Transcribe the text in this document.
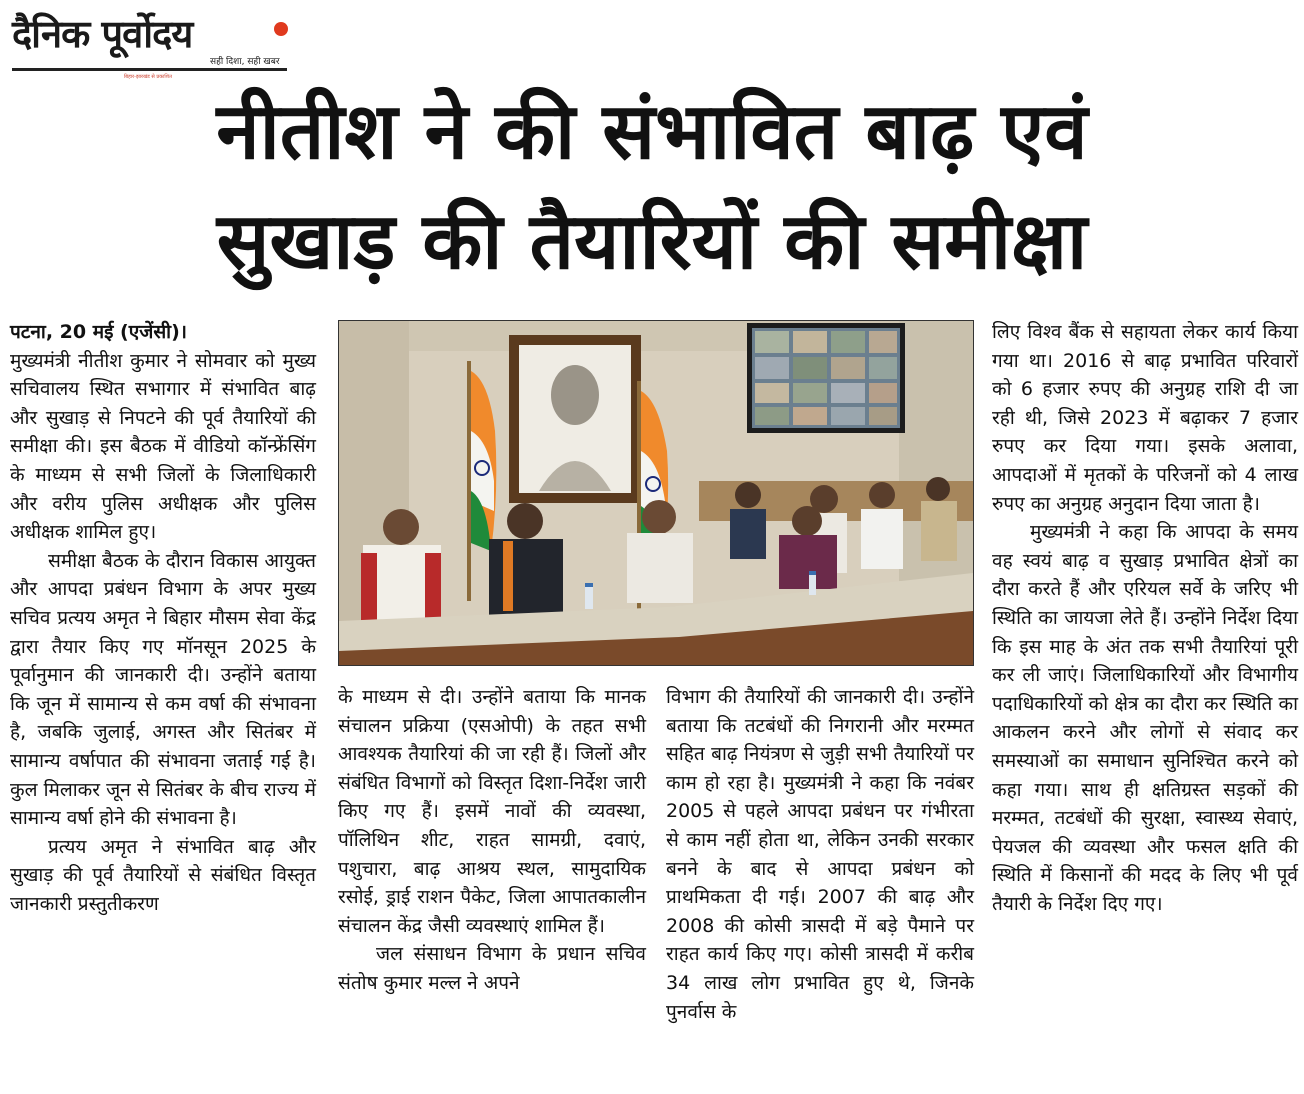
दैनिक पूर्वोदय
सही दिशा, सही खबर
बिहार-झारखंड से प्रकाशित
नीतीश ने की संभावित बाढ़ एवं
सुखाड़ की तैयारियों की समीक्षा

पटना, 20 मई (एजेंसी)।
मुख्यमंत्री नीतीश कुमार ने सोमवार को मुख्य सचिवालय स्थित सभागार में संभावित बाढ़ और सुखाड़ से निपटने की पूर्व तैयारियों की समीक्षा की। इस बैठक में वीडियो कॉन्फ्रेंसिंग के माध्यम से सभी जिलों के जिलाधिकारी और वरीय पुलिस अधीक्षक और पुलिस अधीक्षक शामिल हुए।

समीक्षा बैठक के दौरान विकास आयुक्त और आपदा प्रबंधन विभाग के अपर मुख्य सचिव प्रत्यय अमृत ने बिहार मौसम सेवा केंद्र द्वारा तैयार किए गए मॉनसून 2025 के पूर्वानुमान की जानकारी दी। उन्होंने बताया कि जून में सामान्य से कम वर्षा की संभावना है, जबकि जुलाई, अगस्त और सितंबर में सामान्य वर्षापात की संभावना जताई गई है। कुल मिलाकर जून से सितंबर के बीच राज्य में सामान्य वर्षा होने की संभावना है।

प्रत्यय अमृत ने संभावित बाढ़ और सुखाड़ की पूर्व तैयारियों से संबंधित विस्तृत जानकारी प्रस्तुतीकरण

के माध्यम से दी। उन्होंने बताया कि मानक संचालन प्रक्रिया (एसओपी) के तहत सभी आवश्यक तैयारियां की जा रही हैं। जिलों और संबंधित विभागों को विस्तृत दिशा-निर्देश जारी किए गए हैं। इसमें नावों की व्यवस्था, पॉलिथिन शीट, राहत सामग्री, दवाएं, पशुचारा, बाढ़ आश्रय स्थल, सामुदायिक रसोई, ड्राई राशन पैकेट, जिला आपातकालीन संचालन केंद्र जैसी व्यवस्थाएं शामिल हैं।

जल संसाधन विभाग के प्रधान सचिव संतोष कुमार मल्ल ने अपने

विभाग की तैयारियों की जानकारी दी। उन्होंने बताया कि तटबंधों की निगरानी और मरम्मत सहित बाढ़ नियंत्रण से जुड़ी सभी तैयारियों पर काम हो रहा है। मुख्यमंत्री ने कहा कि नवंबर 2005 से पहले आपदा प्रबंधन पर गंभीरता से काम नहीं होता था, लेकिन उनकी सरकार बनने के बाद से आपदा प्रबंधन को प्राथमिकता दी गई। 2007 की बाढ़ और 2008 की कोसी त्रासदी में बड़े पैमाने पर राहत कार्य किए गए। कोसी त्रासदी में करीब 34 लाख लोग प्रभावित हुए थे, जिनके पुनर्वास के

लिए विश्व बैंक से सहायता लेकर कार्य किया गया था। 2016 से बाढ़ प्रभावित परिवारों को 6 हजार रुपए की अनुग्रह राशि दी जा रही थी, जिसे 2023 में बढ़ाकर 7 हजार रुपए कर दिया गया। इसके अलावा, आपदाओं में मृतकों के परिजनों को 4 लाख रुपए का अनुग्रह अनुदान दिया जाता है।

मुख्यमंत्री ने कहा कि आपदा के समय वह स्वयं बाढ़ व सुखाड़ प्रभावित क्षेत्रों का दौरा करते हैं और एरियल सर्वे के जरिए भी स्थिति का जायजा लेते हैं। उन्होंने निर्देश दिया कि इस माह के अंत तक सभी तैयारियां पूरी कर ली जाएं। जिलाधिकारियों और विभागीय पदाधिकारियों को क्षेत्र का दौरा कर स्थिति का आकलन करने और लोगों से संवाद कर समस्याओं का समाधान सुनिश्चित करने को कहा गया। साथ ही क्षतिग्रस्त सड़कों की मरम्मत, तटबंधों की सुरक्षा, स्वास्थ्य सेवाएं, पेयजल की व्यवस्था और फसल क्षति की स्थिति में किसानों की मदद के लिए भी पूर्व तैयारी के निर्देश दिए गए।
